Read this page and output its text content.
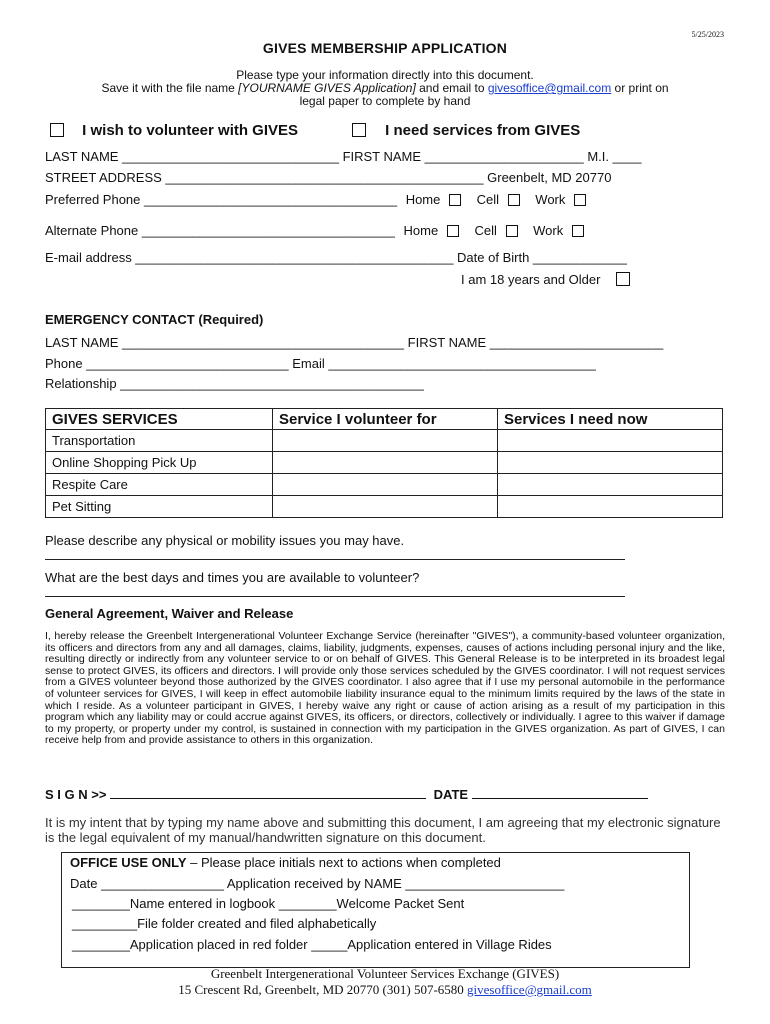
5/25/2023
GIVES MEMBERSHIP APPLICATION
Please type your information directly into this document.
Save it with the file name [YOURNAME GIVES Application] and email to givesoffice@gmail.com or print on
legal paper to complete by hand
I wish to volunteer with GIVES	I need services from GIVES
LAST NAME ______________________________ FIRST NAME ______________________ M.I. ____
STREET ADDRESS ____________________________________________ Greenbelt, MD 20770
Preferred Phone ___________________________________ Home	Cell	Work
Alternate Phone ___________________________________ Home	Cell	Work
E-mail address ____________________________________________ Date of Birth _____________
I am 18 years and Older
EMERGENCY CONTACT (Required)
LAST NAME _______________________________________ FIRST NAME ________________________
Phone ____________________________ Email _____________________________________
Relationship __________________________________________
GIVES SERVICES	Service I volunteer for	Services I need now
Transportation		
Online Shopping Pick Up		
Respite Care		
Pet Sitting		
Please describe any physical or mobility issues you may have.
What are the best days and times you are available to volunteer?
General Agreement, Waiver and Release
I, hereby release the Greenbelt Intergenerational Volunteer Exchange Service (hereinafter "GIVES"), a community-based volunteer organization, its officers and directors from any and all damages, claims, liability, judgments, expenses, causes of actions including personal injury and the like, resulting directly or indirectly from any volunteer service to or on behalf of GIVES. This General Release is to be interpreted in its broadest legal sense to protect GIVES, its officers and directors. I will provide only those services scheduled by the GIVES coordinator. I will not request services from a GIVES volunteer beyond those authorized by the GIVES coordinator. I also agree that if I use my personal automobile in the performance of volunteer services for GIVES, I will keep in effect automobile liability insurance equal to the minimum limits required by the laws of the state in which I reside. As a volunteer participant in GIVES, I hereby waive any right or cause of action arising as a result of my participation in this program which any liability may or could accrue against GIVES, its officers, or directors, collectively or individually. I agree to this waiver if damage to my property, or property under my control, is sustained in connection with my participation in the GIVES organization. As part of GIVES, I can receive help from and provide assistance to others in this organization.
S I G N >>	DATE
It is my intent that by typing my name above and submitting this document, I am agreeing that my electronic signature is the legal equivalent of my manual/handwritten signature on this document.
OFFICE USE ONLY – Please place initials next to actions when completed
Date _________________ Application received by NAME ______________________
________Name entered in logbook ________Welcome Packet Sent
_________File folder created and filed alphabetically
________Application placed in red folder _____Application entered in Village Rides
Greenbelt Intergenerational Volunteer Services Exchange (GIVES)
15 Crescent Rd, Greenbelt, MD 20770 (301) 507-6580 givesoffice@gmail.com
